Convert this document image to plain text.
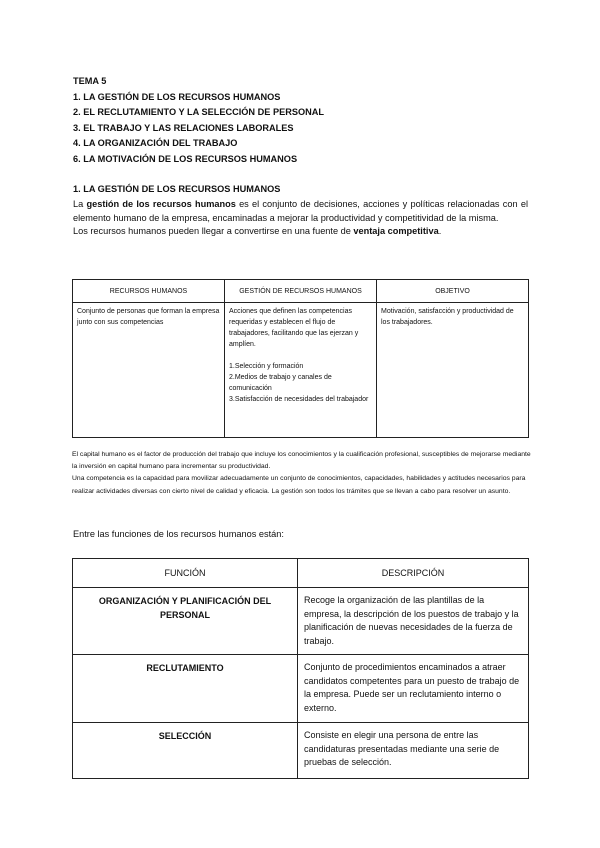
TEMA 5
1. LA GESTIÓN DE LOS RECURSOS HUMANOS
2. EL RECLUTAMIENTO Y LA SELECCIÓN DE PERSONAL
3. EL TRABAJO Y LAS RELACIONES LABORALES
4. LA ORGANIZACIÓN DEL TRABAJO
6. LA MOTIVACIÓN DE LOS RECURSOS HUMANOS
1. LA GESTIÓN DE LOS RECURSOS HUMANOS

La gestión de los recursos humanos es el conjunto de decisiones, acciones y políticas relacionadas con el elemento humano de la empresa, encaminadas a mejorar la productividad y competitividad de la misma.

Los recursos humanos pueden llegar a convertirse en una fuente de ventaja competitiva.

RECURSOS HUMANOS	GESTIÓN DE RECURSOS HUMANOS	OBJETIVO
Conjunto de personas que forman la empresa junto con sus competencias	Acciones que definen las competencias requeridas y establecen el flujo de trabajadores, facilitando que las ejerzan y amplíen.
1.Selección y formación
2.Medios de trabajo y canales de comunicación
3.Satisfacción de necesidades del trabajador	Motivación, satisfacción y productividad de los trabajadores.

El capital humano es el factor de producción del trabajo que incluye los conocimientos y la cualificación profesional, susceptibles de mejorarse mediante la inversión en capital humano para incrementar su productividad.

Una competencia es la capacidad para movilizar adecuadamente un conjunto de conocimientos, capacidades, habilidades y actitudes necesarios para realizar actividades diversas con cierto nivel de calidad y eficacia. La gestión son todos los trámites que se llevan a cabo para resolver un asunto.

Entre las funciones de los recursos humanos están:
FUNCIÓN	DESCRIPCIÓN
ORGANIZACIÓN Y PLANIFICACIÓN DEL PERSONAL	Recoge la organización de las plantillas de la empresa, la descripción de los puestos de trabajo y la planificación de nuevas necesidades de la fuerza de trabajo.
RECLUTAMIENTO	Conjunto de procedimientos encaminados a atraer candidatos competentes para un puesto de trabajo de la empresa. Puede ser un reclutamiento interno o externo.
SELECCIÓN	Consiste en elegir una persona de entre las candidaturas presentadas mediante una serie de pruebas de selección.
